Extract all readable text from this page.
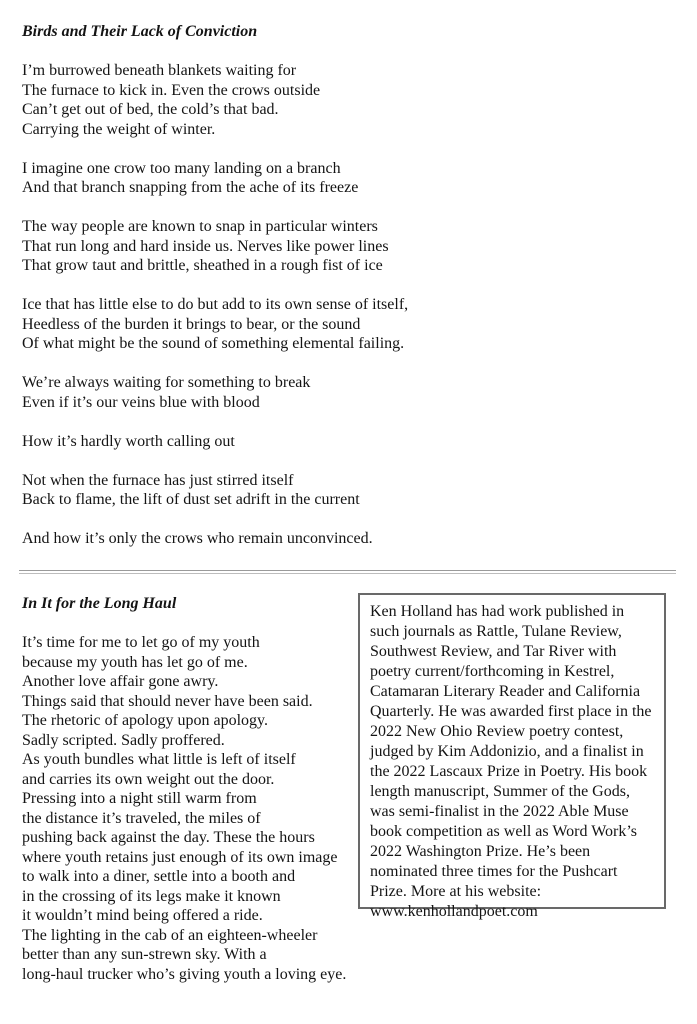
Birds and Their Lack of Conviction
I’m burrowed beneath blankets waiting for
The furnace to kick in. Even the crows outside
Can’t get out of bed, the cold’s that bad.
Carrying the weight of winter.
I imagine one crow too many landing on a branch
And that branch snapping from the ache of its freeze
The way people are known to snap in particular winters
That run long and hard inside us. Nerves like power lines
That grow taut and brittle, sheathed in a rough fist of ice
Ice that has little else to do but add to its own sense of itself,
Heedless of the burden it brings to bear, or the sound
Of what might be the sound of something elemental failing.
We’re always waiting for something to break
Even if it’s our veins blue with blood
How it’s hardly worth calling out
Not when the furnace has just stirred itself
Back to flame, the lift of dust set adrift in the current
And how it’s only the crows who remain unconvinced.
In It for the Long Haul
It’s time for me to let go of my youth
because my youth has let go of me.
Another love affair gone awry.
Things said that should never have been said.
The rhetoric of apology upon apology.
Sadly scripted. Sadly proffered.
As youth bundles what little is left of itself
and carries its own weight out the door.
Pressing into a night still warm from
the distance it’s traveled, the miles of
pushing back against the day. These the hours
where youth retains just enough of its own image
to walk into a diner, settle into a booth and
in the crossing of its legs make it known
it wouldn’t mind being offered a ride.
The lighting in the cab of an eighteen-wheeler
better than any sun-strewn sky. With a
long-haul trucker who’s giving youth a loving eye.
Ken Holland has had work published in such journals as Rattle, Tulane Review, Southwest Review, and Tar River with poetry current/forthcoming in Kestrel, Catamaran Literary Reader and California Quarterly. He was awarded first place in the 2022 New Ohio Review poetry contest, judged by Kim Addonizio, and a finalist in the 2022 Lascaux Prize in Poetry. His book length manuscript, Summer of the Gods, was semi-finalist in the 2022 Able Muse book competition as well as Word Work’s 2022 Washington Prize. He’s been nominated three times for the Pushcart Prize. More at his website: www.kenhollandpoet.com
